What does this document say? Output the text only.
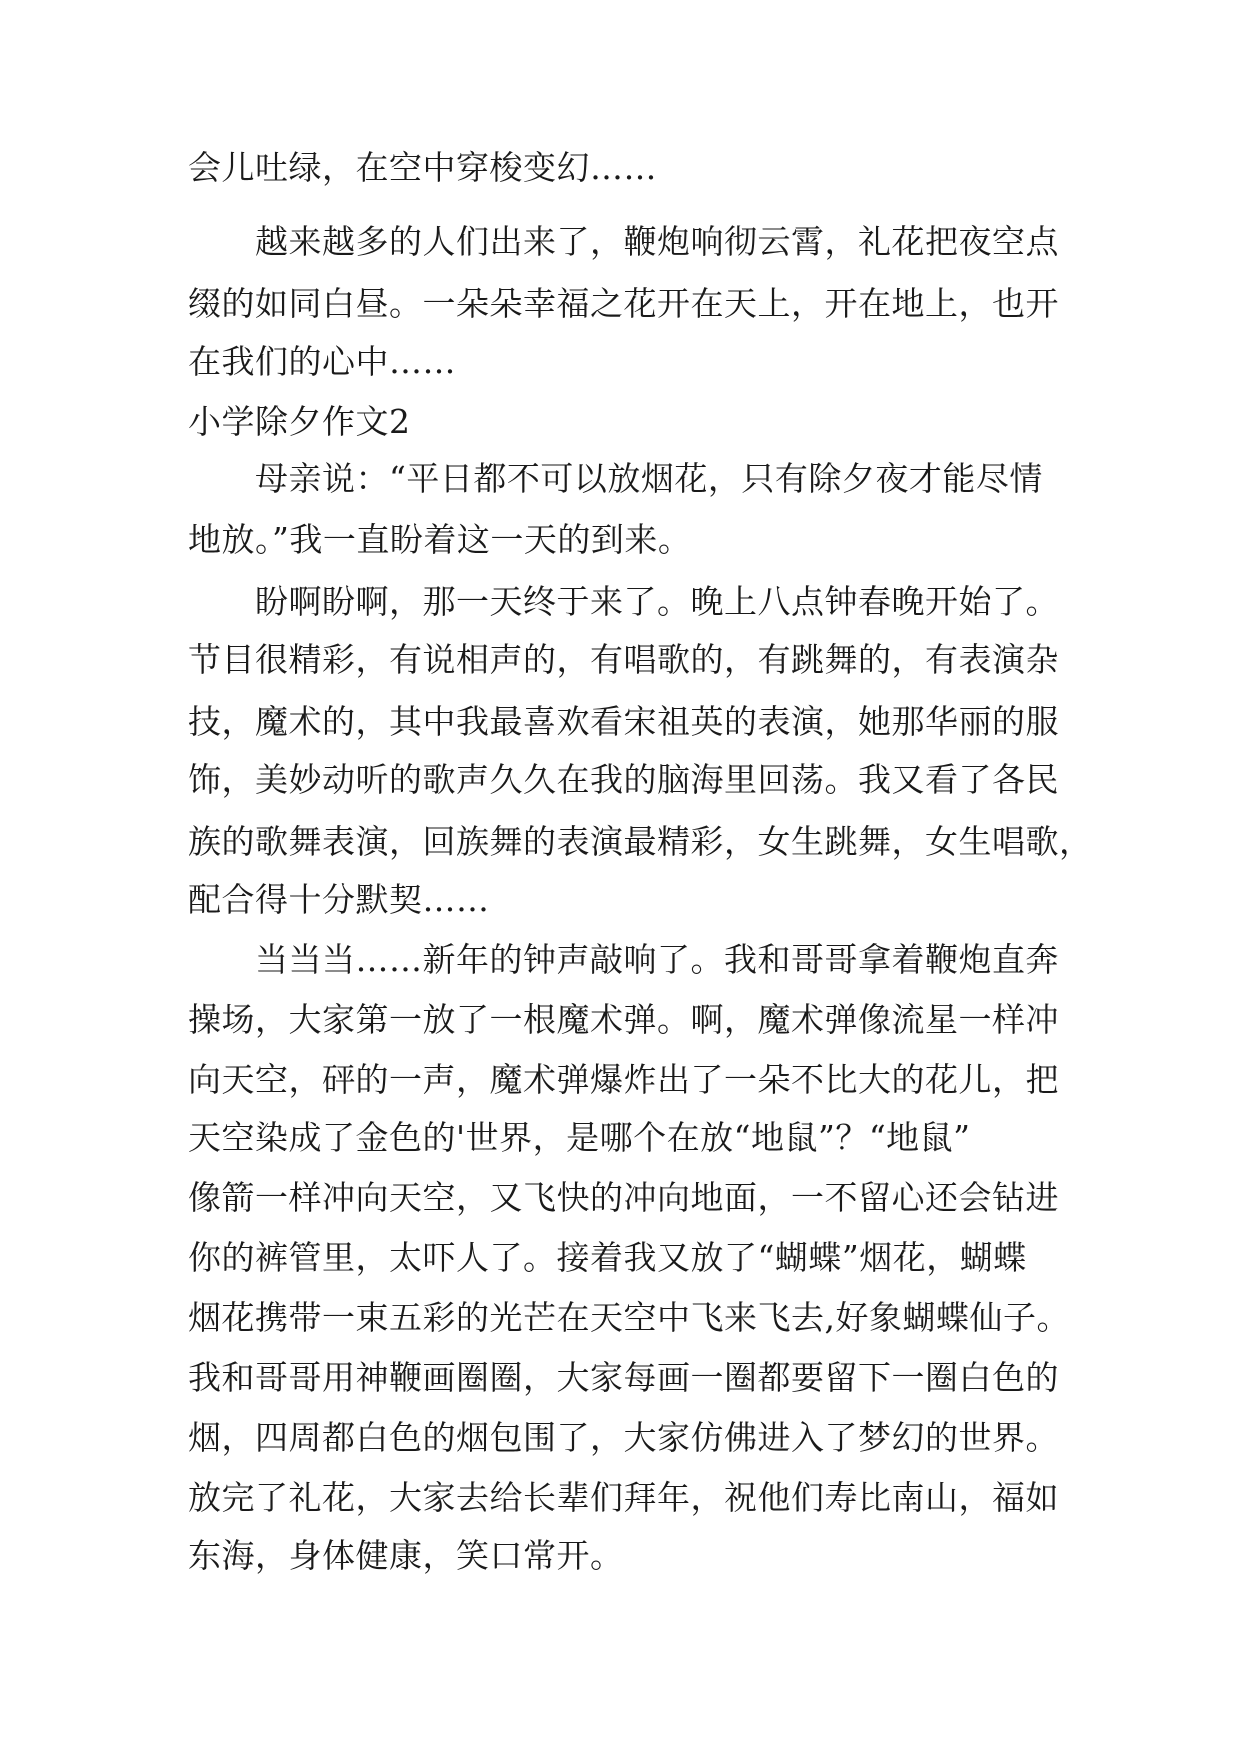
会儿吐绿，在空中穿梭变幻……
越来越多的人们出来了，鞭炮响彻云霄，礼花把夜空点
缀的如同白昼。一朵朵幸福之花开在天上，开在地上，也开
在我们的心中……
小学除夕作文2
母亲说：“平日都不可以放烟花，只有除夕夜才能尽情
地放。”我一直盼着这一天的到来。
盼啊盼啊，那一天终于来了。晚上八点钟春晚开始了。
节目很精彩，有说相声的，有唱歌的，有跳舞的，有表演杂
技，魔术的，其中我最喜欢看宋祖英的表演，她那华丽的服
饰，美妙动听的歌声久久在我的脑海里回荡。我又看了各民
族的歌舞表演，回族舞的表演最精彩，女生跳舞，女生唱歌，
配合得十分默契……
当当当……新年的钟声敲响了。我和哥哥拿着鞭炮直奔
操场，大家第一放了一根魔术弹。啊，魔术弹像流星一样冲
向天空，砰的一声，魔术弹爆炸出了一朵不比大的花儿，把
天空染成了金色的'世界，是哪个在放“地鼠”？“地鼠”
像箭一样冲向天空，又飞快的冲向地面，一不留心还会钻进
你的裤管里，太吓人了。接着我又放了“蝴蝶”烟花，蝴蝶
烟花携带一束五彩的光芒在天空中飞来飞去,好象蝴蝶仙子。
我和哥哥用神鞭画圈圈，大家每画一圈都要留下一圈白色的
烟，四周都白色的烟包围了，大家仿佛进入了梦幻的世界。
放完了礼花，大家去给长辈们拜年，祝他们寿比南山，福如
东海，身体健康，笑口常开。
